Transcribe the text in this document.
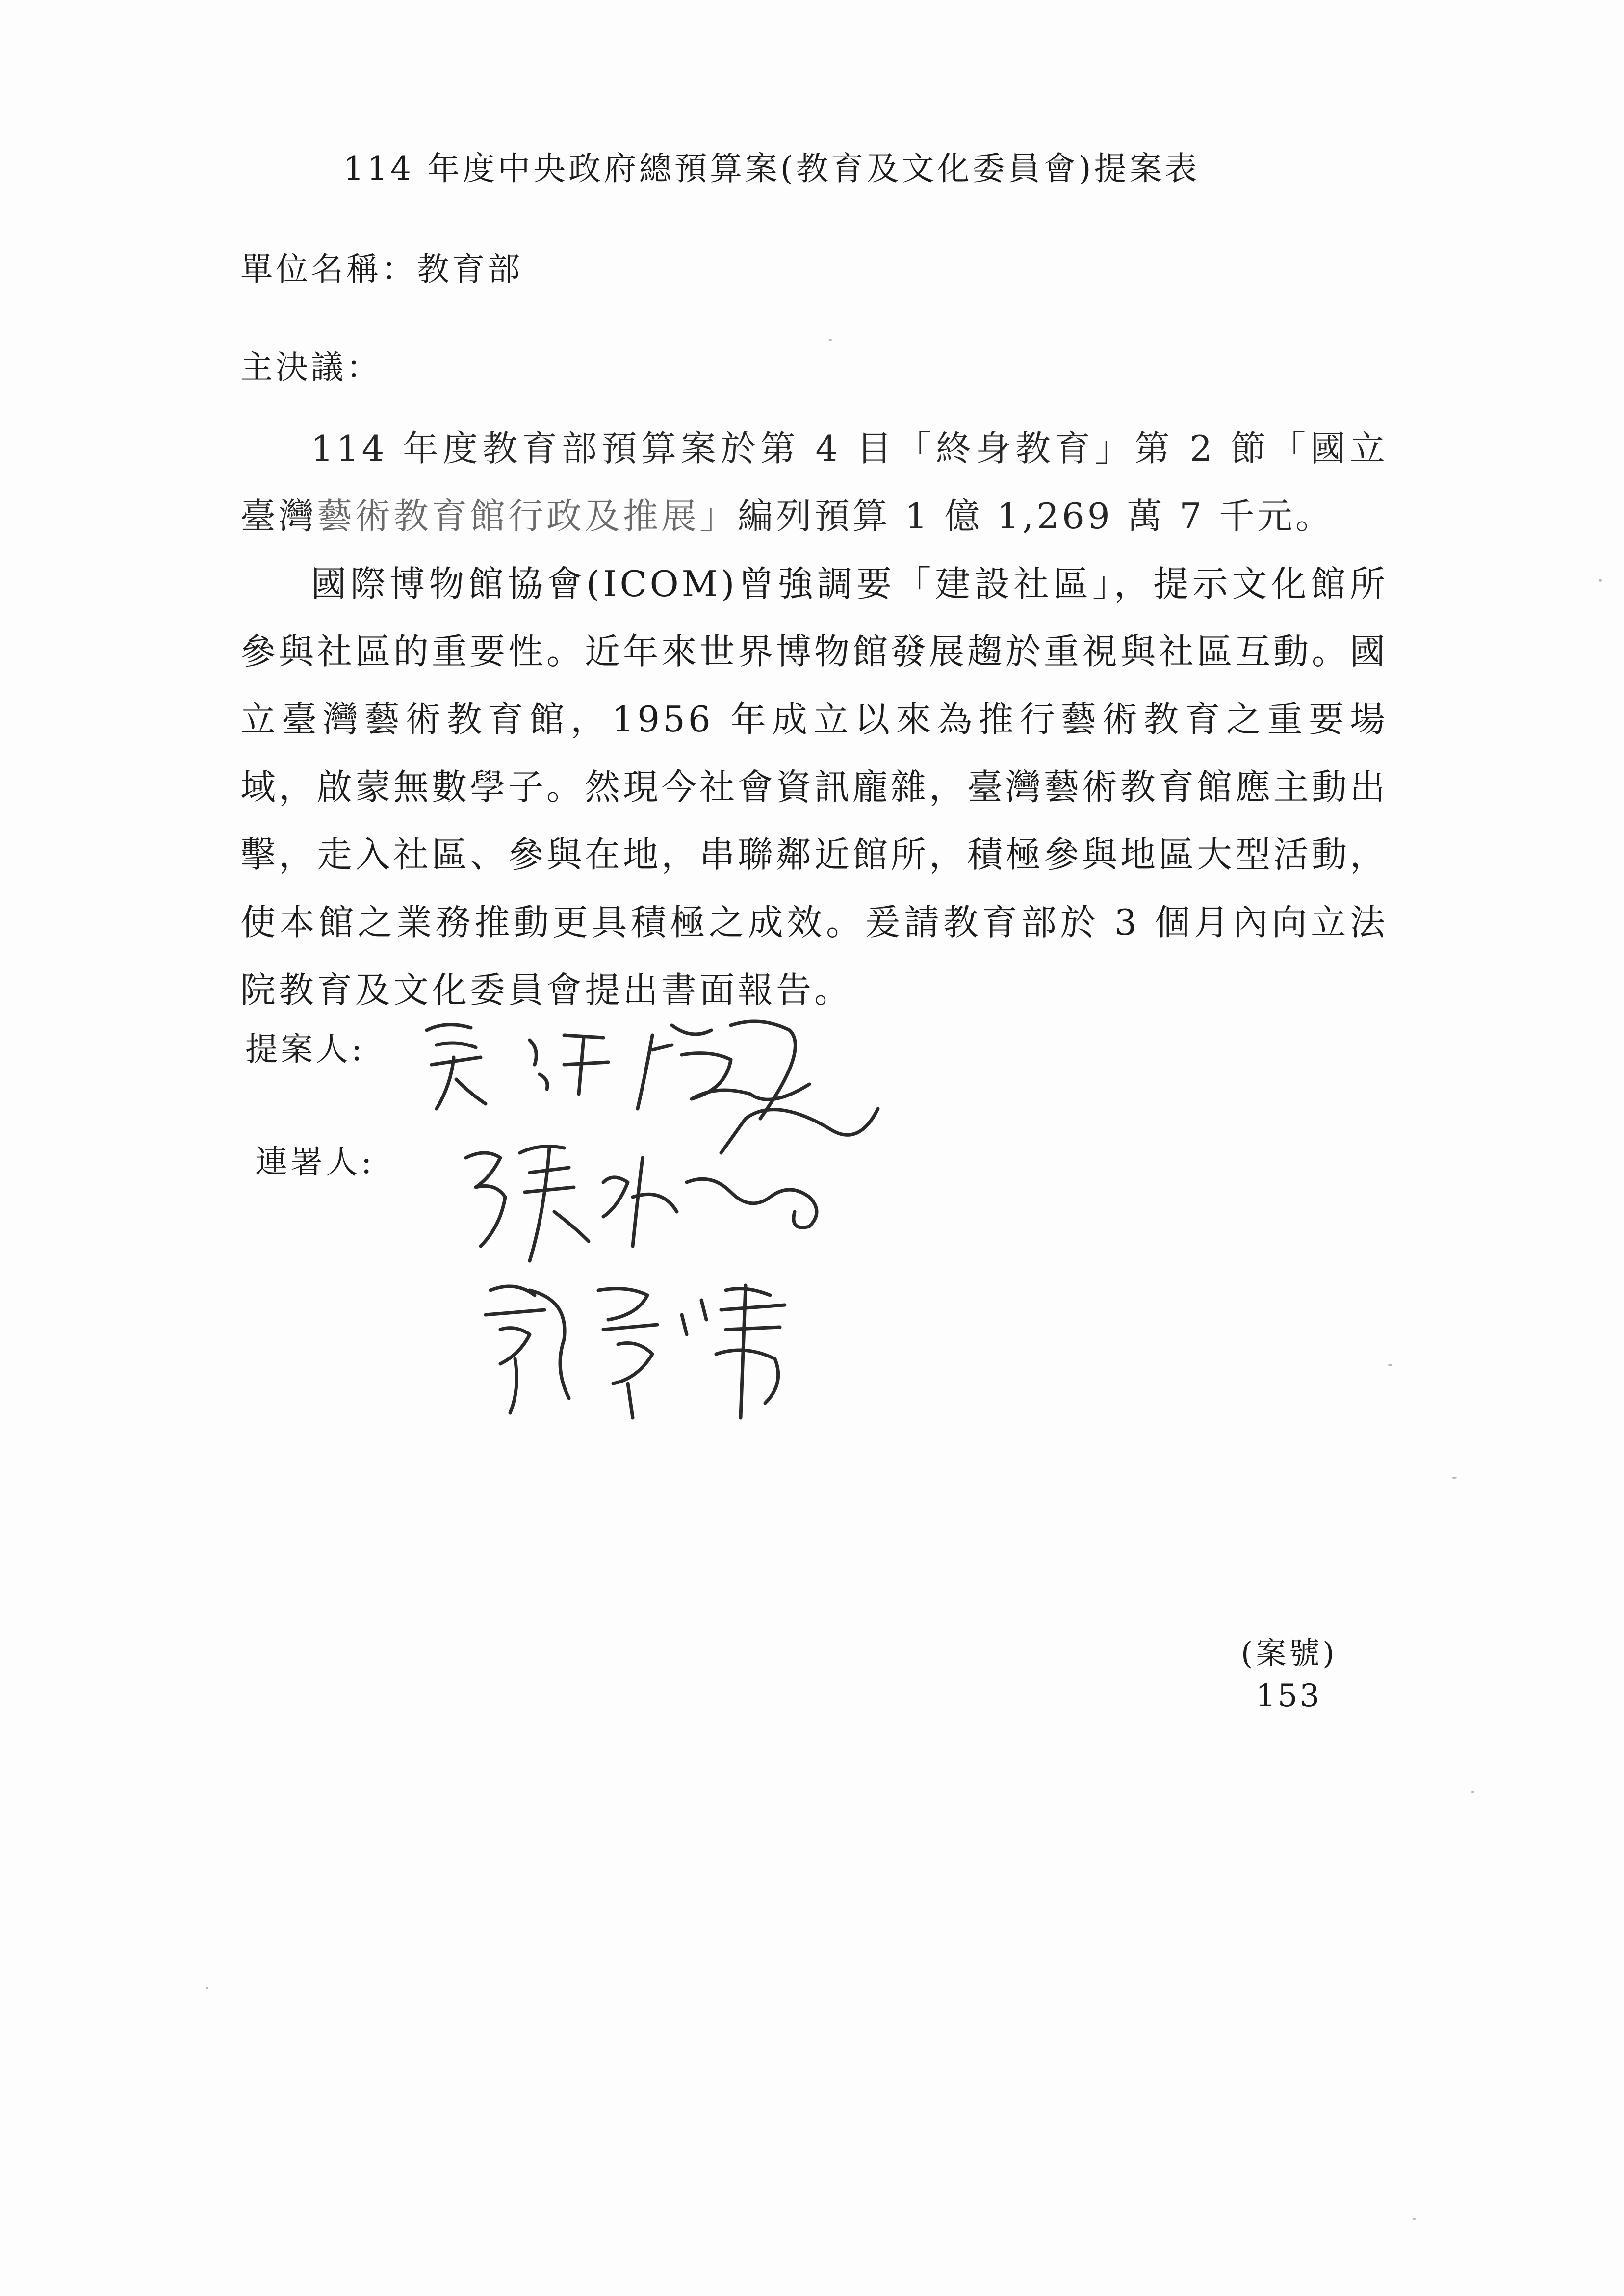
114 年度中央政府總預算案(教育及文化委員會)提案表
單位名稱：教育部
主決議：

114 年度教育部預算案於第 4 目「終身教育」第 2 節「國立臺灣藝術教育館行政及推展」編列預算 1 億 1,269 萬 7 千元。

國際博物館協會(ICOM)曾強調要「建設社區」，提示文化館所參與社區的重要性。近年來世界博物館發展趨於重視與社區互動。國立臺灣藝術教育館，1956 年成立以來為推行藝術教育之重要場域，啟蒙無數學子。然現今社會資訊龐雜，臺灣藝術教育館應主動出擊，走入社區、參與在地，串聯鄰近館所，積極參與地區大型活動，使本館之業務推動更具積極之成效。爰請教育部於 3 個月內向立法院教育及文化委員會提出書面報告。

提案人:
連署人:
(案號)
153
